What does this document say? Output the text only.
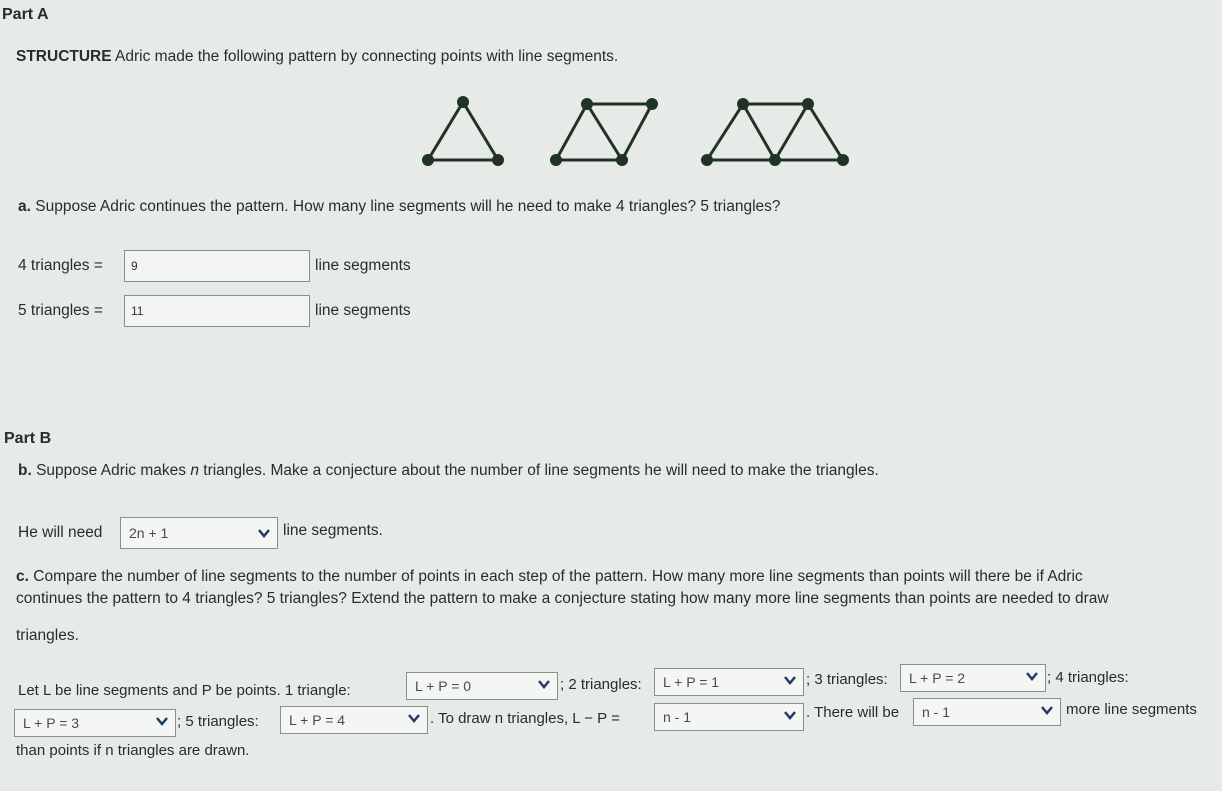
Part A
STRUCTURE Adric made the following pattern by connecting points with line segments.
a. Suppose Adric continues the pattern. How many line segments will he need to make 4 triangles? 5 triangles?
4 triangles =	9	line segments
5 triangles =	11	line segments
Part B
b. Suppose Adric makes n triangles. Make a conjecture about the number of line segments he will need to make the triangles.
He will need	2n + 1	line segments.
c. Compare the number of line segments to the number of points in each step of the pattern. How many more line segments than points will there be if Adric
continues the pattern to 4 triangles? 5 triangles? Extend the pattern to make a conjecture stating how many more line segments than points are needed to draw
triangles.
Let L be line segments and P be points. 1 triangle:	L + P = 0	; 2 triangles:	L + P = 1	; 3 triangles:	L + P = 2	; 4 triangles:
L + P = 3	; 5 triangles:	L + P = 4	. To draw n triangles, L − P =	n - 1	. There will be	n - 1	more line segments
than points if n triangles are drawn.
